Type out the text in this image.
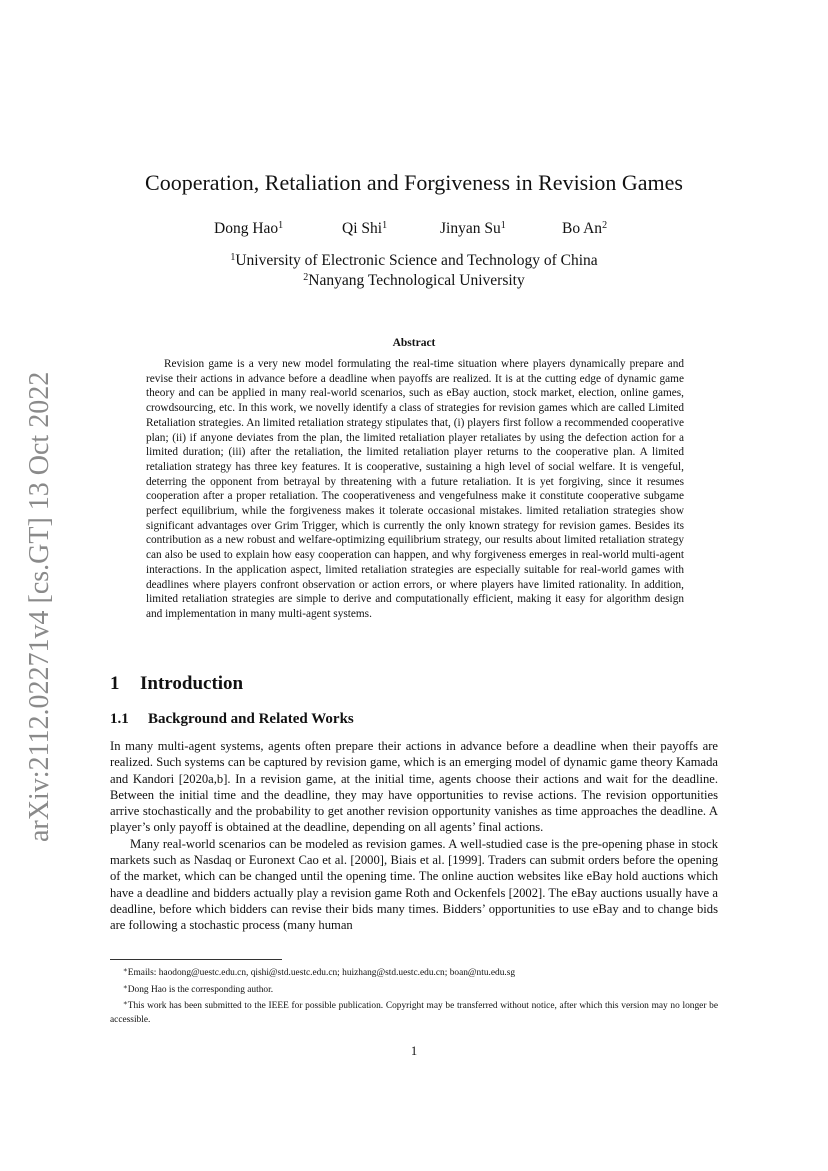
arXiv:2112.02271v4 [cs.GT] 13 Oct 2022
Cooperation, Retaliation and Forgiveness in Revision Games
Dong Hao$^1$	Qi Shi$^1$	Jinyan Su$^1$	Bo An$^2$
$^1$University of Electronic Science and Technology of China
$^2$Nanyang Technological University
Abstract

Revision game is a very new model formulating the real-time situation where players dynamically prepare and revise their actions in advance before a deadline when payoffs are realized. It is at the cutting edge of dynamic game theory and can be applied in many real-world scenarios, such as eBay auction, stock market, election, online games, crowdsourcing, etc. In this work, we novelly identify a class of strategies for revision games which are called Limited Retaliation strategies. An limited retaliation strategy stipulates that, (i) players first follow a recommended cooperative plan; (ii) if anyone deviates from the plan, the limited retaliation player retaliates by using the defection action for a limited duration; (iii) after the retaliation, the limited retaliation player returns to the cooperative plan. A limited retaliation strategy has three key features. It is cooperative, sustaining a high level of social welfare. It is vengeful, deterring the opponent from betrayal by threatening with a future retaliation. It is yet forgiving, since it resumes cooperation after a proper retaliation. The cooperativeness and vengefulness make it constitute cooperative subgame perfect equilibrium, while the forgiveness makes it tolerate occasional mistakes. limited retaliation strategies show significant advantages over Grim Trigger, which is currently the only known strategy for revision games. Besides its contribution as a new robust and welfare-optimizing equilibrium strategy, our results about limited retaliation strategy can also be used to explain how easy cooperation can happen, and why forgiveness emerges in real-world multi-agent interactions. In the application aspect, limited retaliation strategies are especially suitable for real-world games with deadlines where players confront observation or action errors, or where players have limited rationality. In addition, limited retaliation strategies are simple to derive and computationally efficient, making it easy for algorithm design and implementation in many multi-agent systems.

1 Introduction
1.1 Background and Related Works

In many multi-agent systems, agents often prepare their actions in advance before a deadline when their payoffs are realized. Such systems can be captured by revision game, which is an emerging model of dynamic game theory Kamada and Kandori [2020a,b]. In a revision game, at the initial time, agents choose their actions and wait for the deadline. Between the initial time and the deadline, they may have opportunities to revise actions. The revision opportunities arrive stochastically and the probability to get another revision opportunity vanishes as time approaches the deadline. A player’s only payoff is obtained at the deadline, depending on all agents’ final actions.

Many real-world scenarios can be modeled as revision games. A well-studied case is the pre-opening phase in stock markets such as Nasdaq or Euronext Cao et al. [2000], Biais et al. [1999]. Traders can submit orders before the opening of the market, which can be changed until the opening time. The online auction websites like eBay hold auctions which have a deadline and bidders actually play a revision game Roth and Ockenfels [2002]. The eBay auctions usually have a deadline, before which bidders can revise their bids many times. Bidders’ opportunities to use eBay and to change bids are following a stochastic process (many human

∗Emails: haodong@uestc.edu.cn, qishi@std.uestc.edu.cn; huizhang@std.uestc.edu.cn; boan@ntu.edu.sg

∗Dong Hao is the corresponding author.

∗This work has been submitted to the IEEE for possible publication. Copyright may be transferred without notice, after which this version may no longer be accessible.

1
